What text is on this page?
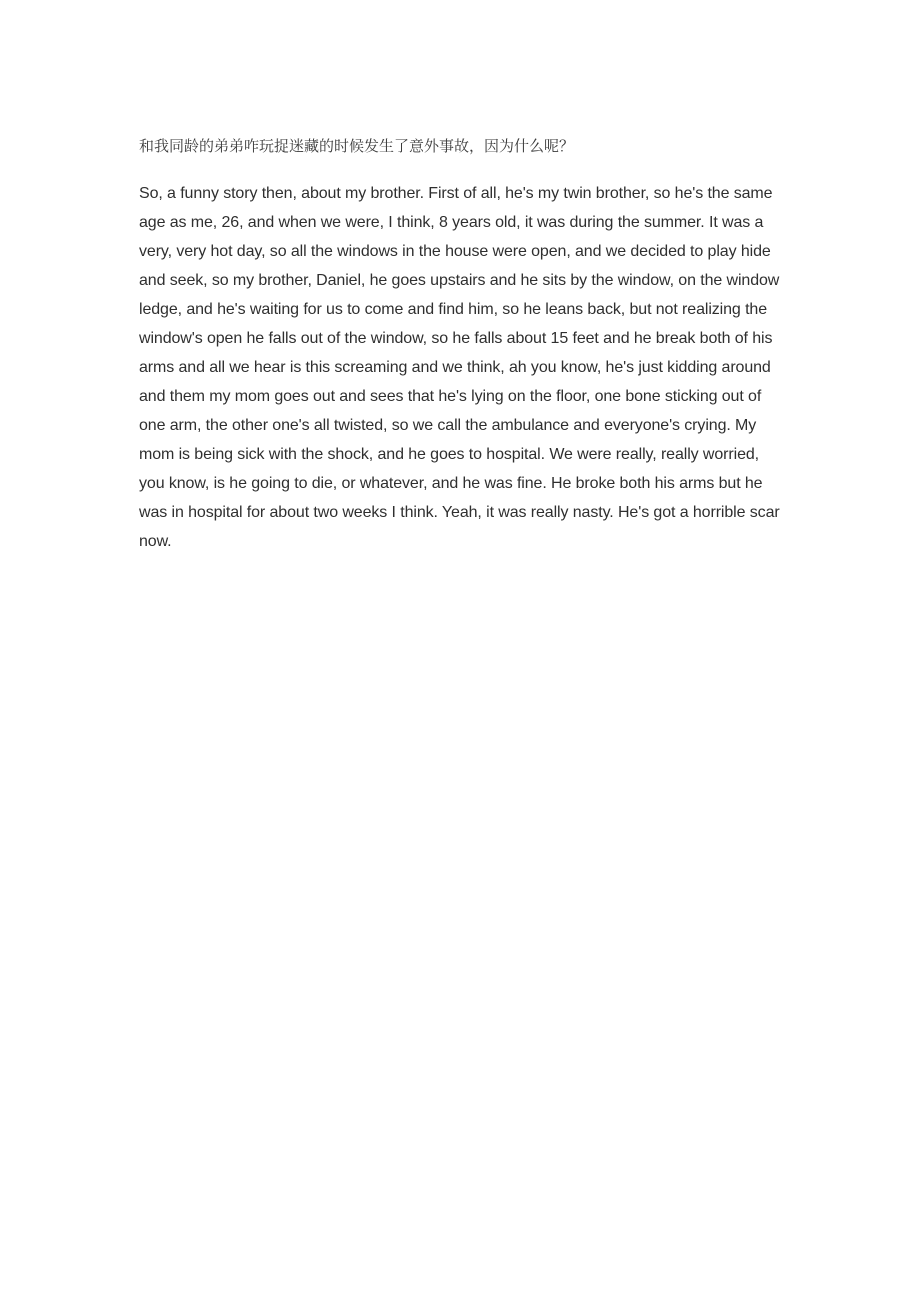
和我同龄的弟弟咋玩捉迷藏的时候发生了意外事故，因为什么呢？

So, a funny story then, about my brother. First of all, he's my twin brother, so he's the same age as me, 26, and when we were, I think, 8 years old, it was during the summer. It was a very, very hot day, so all the windows in the house were open, and we decided to play hide and seek, so my brother, Daniel, he goes upstairs and he sits by the window, on the window ledge, and he's waiting for us to come and find him, so he leans back, but not realizing the window's open he falls out of the window, so he falls about 15 feet and he break both of his arms and all we hear is this screaming and we think, ah you know, he's just kidding around and them my mom goes out and sees that he's lying on the floor, one bone sticking out of one arm, the other one's all twisted, so we call the ambulance and everyone's crying. My mom is being sick with the shock, and he goes to hospital. We were really, really worried, you know, is he going to die, or whatever, and he was fine. He broke both his arms but he was in hospital for about two weeks I think. Yeah, it was really nasty. He's got a horrible scar now.
